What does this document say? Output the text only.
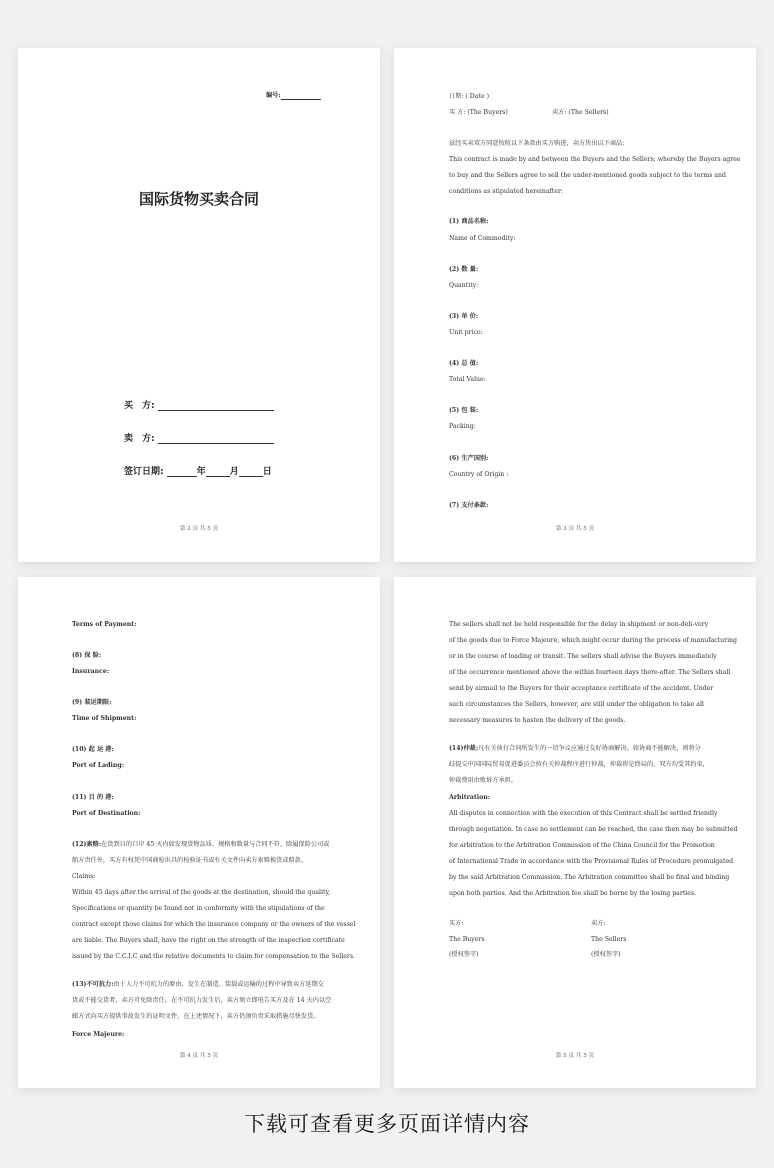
编号:
国际货物买卖合同
买　方:
卖　方:
签订日期:	年	月	日
第 2 页 共 5 页
日期: ( Date )
买 方: (The Buyers)	卖方: (The Sellers)
兹经买卖双方同意按照以下条款由买方购进，卖方售出以下商品:
This contract is made by and between the Buyers and the Sellers; whereby the Buyers agree
to buy and the Sellers agree to sell the under-mentioned goods subject to the terms and
conditions as stipulated hereinafter:
(1) 商品名称:
Name of Commodity:
(2) 数 量:
Quantity:
(3) 单 价:
Unit price:
(4) 总 值:
Total Value:
(5) 包 装:
Packing:
(6) 生产国别:
Country of Origin :
(7) 支付条款:
第 3 页 共 5 页
Terms of Payment:
(8) 保 险:
Insurance:
(9) 装运期限:
Time of Shipment:
(10) 起 运 港:
Port of Lading:
(11) 目 的 港:
Port of Destination:
(12)索赔:在货到目的口岸 45 天内如发现货物品质、规格和数量与合同不符，除属保险公司或
船方责任外，买方有权凭中国商检出具的检验证书或有关文件向卖方索赔换货或赔款。
Claims:
Within 45 days after the arrival of the goods at the destination, should the quality,
Specifications or quantity be found not in conformity with the stipulations of the
contract except those claims for which the insurance company or the owners of the vessel
are liable. The Buyers shall, have the right on the strength of the inspection certificate
issued by the C.C.I.C and the relative documents to claim for compensation to the Sellers.
(13)不可抗力:由于人力不可抗力的原由，发生在制造、装载或运输的过程中导致卖方延期交
货或不能交货者，卖方可免除责任。在不可抗力发生后，卖方须立即电告买方及在 14 天内以空
邮方式向买方提供事故发生的证明文件，在上述情况下，卖方仍须负责采取措施尽快发货。
Force Majeure:
第 4 页 共 5 页
The sellers shall not be held responsible for the delay in shipment or non-deli-very
of the goods due to Force Majeure, which might occur during the process of manufacturing
or in the course of loading or transit. The sellers shall advise the Buyers immediately
of the occurrence mentioned above the within fourteen days there-after. The Sellers shall
send by airmail to the Buyers for their acceptance certificate of the accident. Under
such circumstances the Sellers, however, are still under the obligation to take all
necessary measures to hasten the delivery of the goods.
(14)仲裁:凡有关执行合同所发生的一切争议应通过友好协商解决。如协商不能解决，则将分
歧提交中国国际贸易促进委员会按有关仲裁程序进行仲裁，仲裁将是终局的，双方均受其约束，
仲裁费用由败诉方承担。
Arbitration:
All disputes in connection with the execution of this Contract shall be settled friendly
through negotiation. In case no settlement can be reached, the case then may be submitted
for arbitration to the Arbitration Commission of the China Council for the Promotion
of International Trade in accordance with the Provisional Rules of Procedure promulgated
by the said Arbitration Commission. The Arbitration committee shall be final and binding
upon both parties. And the Arbitration fee shall be borne by the losing parties.
买方:	卖方:
The Buyers	The Sellers
(授权签字)	(授权签字)
第 5 页 共 5 页
下载可查看更多页面详情内容
